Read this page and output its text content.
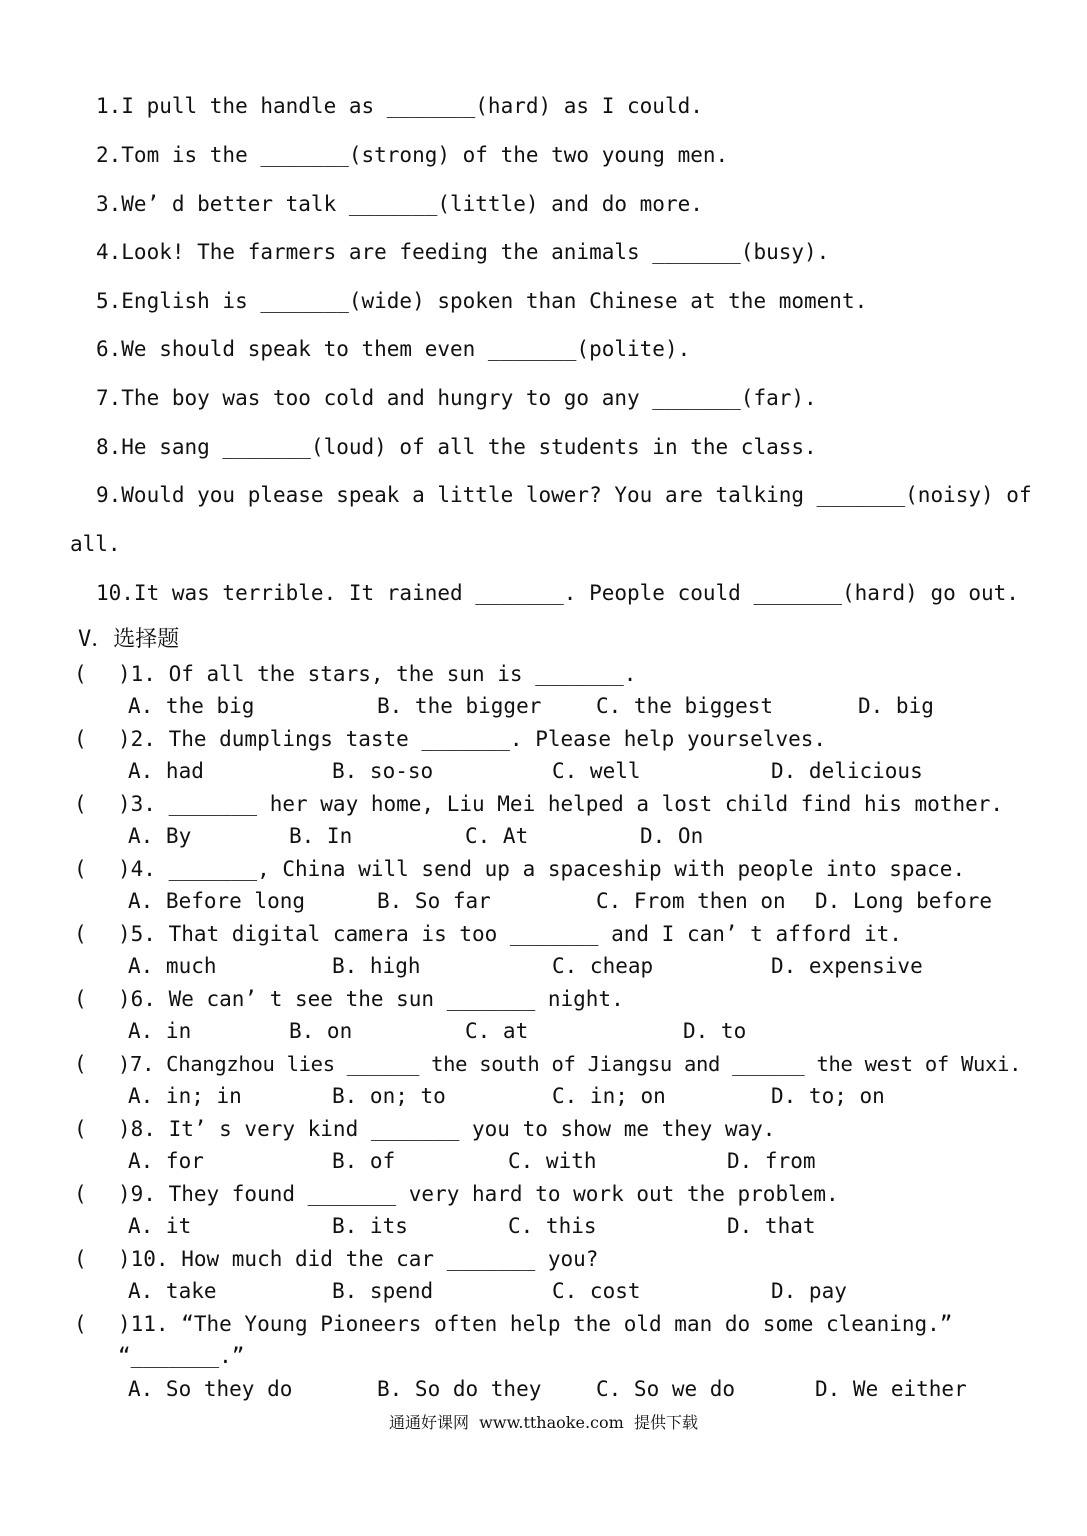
1.I pull the handle as _______(hard) as I could.
2.Tom is the _______(strong) of the two young men.
3.We’ d better talk _______(little) and do more.
4.Look! The farmers are feeding the animals _______(busy).
5.English is _______(wide) spoken than Chinese at the moment.
6.We should speak to them even _______(polite).
7.The boy was too cold and hungry to go any _______(far).
8.He sang _______(loud) of all the students in the class.
9.Would you please speak a little lower? You are talking _______(noisy) of
all.
10.It was terrible. It rained _______. People could _______(hard) go out.
V．选择题
( )1. Of all the stars, the sun is _______.
A. the big	B. the bigger	C. the biggest	D. big
( )2. The dumplings taste _______. Please help yourselves.
A. had	B. so-so	C. well	D. delicious
( )3. _______ her way home, Liu Mei helped a lost child find his mother.
A. By	B. In	C. At	D. On
( )4. _______, China will send up a spaceship with people into space.
A. Before long	B. So far	C. From then on D. Long before
( )5. That digital camera is too _______ and I can’ t afford it.
A. much	B. high	C. cheap	D. expensive
( )6. We can’ t see the sun _______ night.
A. in	B. on	C. at	D. to
( )7. Changzhou lies ______ the south of Jiangsu and ______ the west of Wuxi.
A. in; in	B. on; to	C. in; on	D. to; on
( )8. It’ s very kind _______ you to show me they way.
A. for	B. of	C. with	D. from
( )9. They found _______ very hard to work out the problem.
A. it	B. its	C. this	D. that
( )10. How much did the car _______ you?
A. take	B. spend	C. cost	D. pay
( )11. “The Young Pioneers often help the old man do some cleaning.”
“_______.”
A. So they do	B. So do they	C. So we do	D. We either
通通好课网  www.tthaoke.com  提供下载
